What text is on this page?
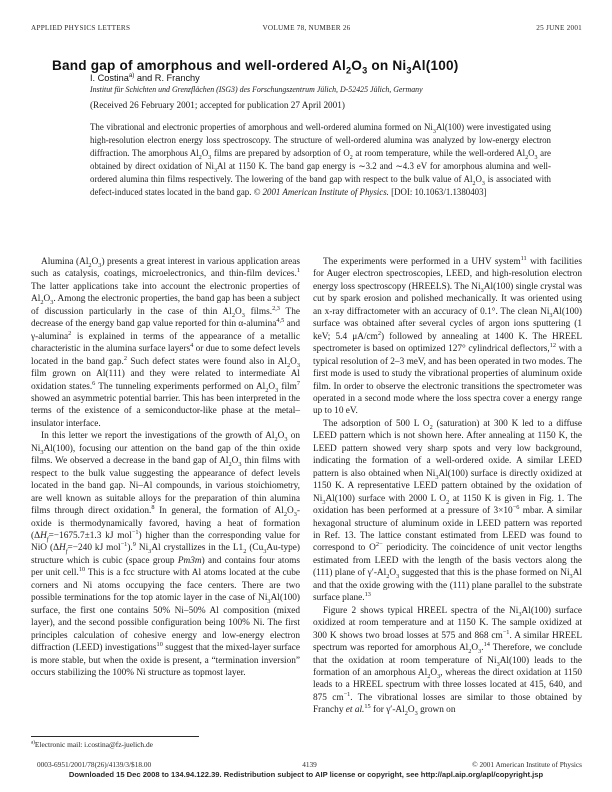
APPLIED PHYSICS LETTERS	VOLUME 78, NUMBER 26	25 JUNE 2001
Band gap of amorphous and well-ordered $Al_2O_3$ on $Ni_3Al(100)$
I. Costina$^{a)}$ and R. Franchy
Institut für Schichten und Grenzflächen (ISG3) des Forschungszentrum Jülich, D-52425 Jülich, Germany
(Received 26 February 2001; accepted for publication 27 April 2001)
The vibrational and electronic properties of amorphous and well-ordered alumina formed on $Ni_3Al(100)$ were investigated using high-resolution electron energy loss spectroscopy. The structure of well-ordered alumina was analyzed by low-energy electron diffraction. The amorphous $Al_2O_3$ films are prepared by adsorption of $O_2$ at room temperature, while the well-ordered $Al_2O_3$ are obtained by direct oxidation of $Ni_3Al$ at 1150 K. The band gap energy is ∼3.2 and ∼4.3 eV for amorphous alumina and well-ordered alumina thin films respectively. The lowering of the band gap with respect to the bulk value of $Al_2O_3$ is associated with defect-induced states located in the band gap. © 2001 American Institute of Physics. [DOI: 10.1063/1.1380403]

Alumina $(Al_2O_3)$ presents a great interest in various application areas such as catalysis, coatings, microelectronics, and thin-film devices.$^1$ The latter applications take into account the electronic properties of $Al_2O_3$. Among the electronic properties, the band gap has been a subject of discussion particularly in the case of thin $Al_2O_3$ films.$^{2,3}$ The decrease of the energy band gap value reported for thin α-alumina$^{4,5}$ and γ-alumina$^2$ is explained in terms of the appearance of a metallic characteristic in the alumina surface layers$^4$ or due to some defect levels located in the band gap.$^2$ Such defect states were found also in $Al_2O_3$ film grown on Al(111) and they were related to intermediate Al oxidation states.$^6$ The tunneling experiments performed on $Al_2O_3$ film$^7$ showed an asymmetric potential barrier. This has been interpreted in the terms of the existence of a semiconductor-like phase at the metal–insulator interface.

In this letter we report the investigations of the growth of $Al_2O_3$ on $Ni_3Al(100)$, focusing our attention on the band gap of the thin oxide films. We observed a decrease in the band gap of $Al_2O_3$ thin films with respect to the bulk value suggesting the appearance of defect levels located in the band gap. Ni–Al compounds, in various stoichiometry, are well known as suitable alloys for the preparation of thin alumina films through direct oxidation.$^8$ In general, the formation of $Al_2O_3$-oxide is thermodynamically favored, having a heat of formation ($\Delta H_f=-1675.7\pm 1.3$ kJ mol$^{-1}$) higher than the corresponding value for NiO ($\Delta H_f=-240$ kJ mol$^{-1}$).$^9$ $Ni_3Al$ crystallizes in the $L1_2$ $(Cu_3Au-type)$ structure which is cubic (space group Pm3m) and contains four atoms per unit cell.$^{10}$ This is a fcc structure with Al atoms located at the cube corners and Ni atoms occupying the face centers. There are two possible terminations for the top atomic layer in the case of $Ni_3Al(100)$ surface, the first one contains 50% Ni–50% Al composition (mixed layer), and the second possible configuration being 100% Ni. The first principles calculation of cohesive energy and low-energy electron diffraction (LEED) investigations$^{10}$ suggest that the mixed-layer surface is more stable, but when the oxide is present, a “termination inversion” occurs stabilizing the 100% Ni structure as topmost layer.

The experiments were performed in a UHV system$^{11}$ with facilities for Auger electron spectroscopies, LEED, and high-resolution electron energy loss spectroscopy (HREELS). The $Ni_3Al(100)$ single crystal was cut by spark erosion and polished mechanically. It was oriented using an x-ray diffractometer with an accuracy of 0.1°. The clean $Ni_3Al(100)$ surface was obtained after several cycles of argon ions sputtering (1 keV; 5.4 $\mu A/cm^2$) followed by annealing at 1400 K. The HREEL spectrometer is based on optimized 127° cylindrical deflectors,$^{12}$ with a typical resolution of 2–3 meV, and has been operated in two modes. The first mode is used to study the vibrational properties of aluminum oxide film. In order to observe the electronic transitions the spectrometer was operated in a second mode where the loss spectra cover a energy range up to 10 eV.

The adsorption of 500 L $O_2$ (saturation) at 300 K led to a diffuse LEED pattern which is not shown here. After annealing at 1150 K, the LEED pattern showed very sharp spots and very low background, indicating the formation of a well-ordered oxide. A similar LEED pattern is also obtained when $Ni_3Al(100)$ surface is directly oxidized at 1150 K. A representative LEED pattern obtained by the oxidation of $Ni_3Al(100)$ surface with 2000 L $O_2$ at 1150 K is given in Fig. 1. The oxidation has been performed at a pressure of $3\times 10^{-6}$ mbar. A similar hexagonal structure of aluminum oxide in LEED pattern was reported in Ref. 13. The lattice constant estimated from LEED was found to correspond to $O^{2-}$ periodicity. The coincidence of unit vector lengths estimated from LEED with the length of the basis vectors along the (111) plane of $\gamma'-Al_2O_3$ suggested that this is the phase formed on $Ni_3Al$ and that the oxide growing with the (111) plane parallel to the substrate surface plane.$^{13}$

Figure 2 shows typical HREEL spectra of the $Ni_3Al(100)$ surface oxidized at room temperature and at 1150 K. The sample oxidized at 300 K shows two broad losses at 575 and 868 $cm^{-1}$. A similar HREEL spectrum was reported for amorphous $Al_2O_3.^{14}$ Therefore, we conclude that the oxidation at room temperature of $Ni_3Al(100)$ leads to the formation of an amorphous $Al_2O_3$, whereas the direct oxidation at 1150 leads to a HREEL spectrum with three losses located at 415, 640, and 875 $cm^{-1}$. The vibrational losses are similar to those obtained by Franchy et al.$^{15}$ for $\gamma'-Al_2O_3$ grown on

$^{a)}$Electronic mail: i.costina@fz-juelich.de
0003-6951/2001/78(26)/4139/3/$18.00	4139	© 2001 American Institute of Physics
Downloaded 15 Dec 2008 to 134.94.122.39. Redistribution subject to AIP license or copyright, see http://apl.aip.org/apl/copyright.jsp
